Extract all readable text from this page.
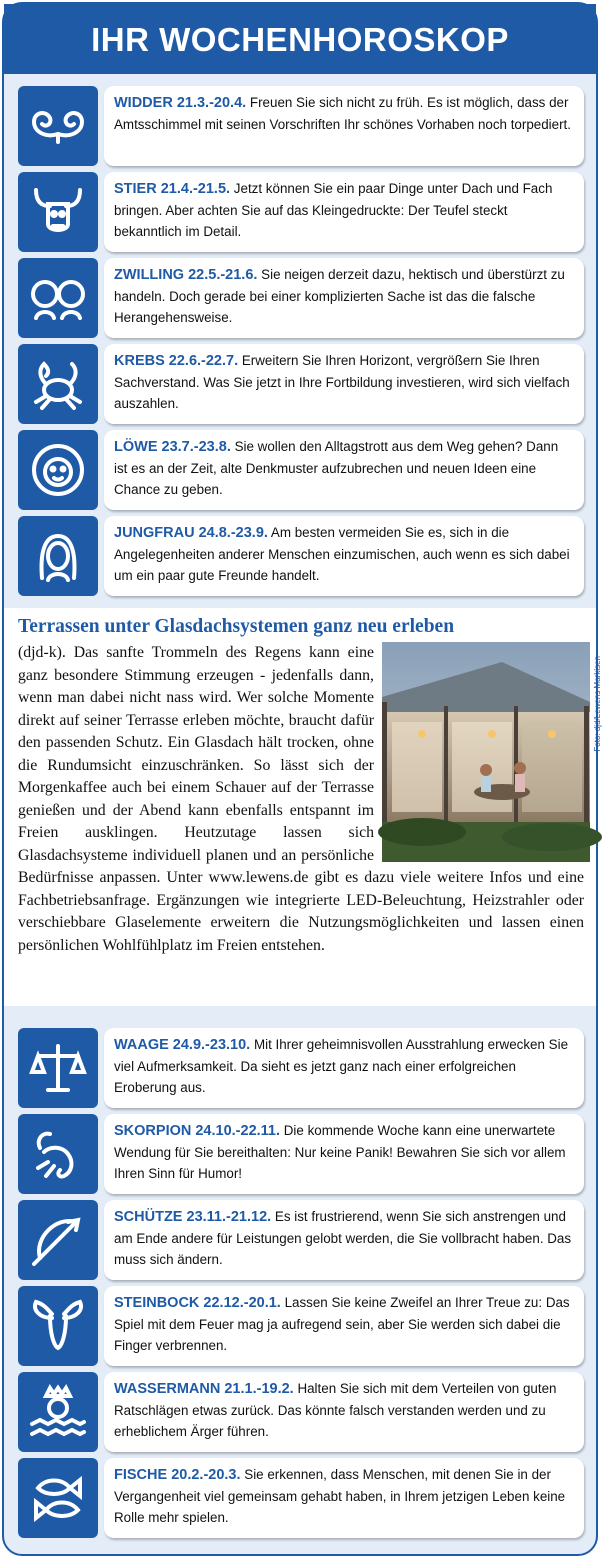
IHR WOCHENHOROSKOP
WIDDER 21.3.-20.4. Freuen Sie sich nicht zu früh. Es ist möglich, dass der Amtsschimmel mit seinen Vorschriften Ihr schönes Vorhaben noch torpediert.
STIER 21.4.-21.5. Jetzt können Sie ein paar Dinge unter Dach und Fach bringen. Aber achten Sie auf das Kleingedruckte: Der Teufel steckt bekanntlich im Detail.
ZWILLING 22.5.-21.6. Sie neigen derzeit dazu, hektisch und überstürzt zu handeln. Doch gerade bei einer komplizierten Sache ist das die falsche Herangehensweise.
KREBS 22.6.-22.7. Erweitern Sie Ihren Horizont, vergrößern Sie Ihren Sachverstand. Was Sie jetzt in Ihre Fortbildung investieren, wird sich vielfach auszahlen.
LÖWE 23.7.-23.8. Sie wollen den Alltagstrott aus dem Weg gehen? Dann ist es an der Zeit, alte Denkmuster aufzubrechen und neuen Ideen eine Chance zu geben.
JUNGFRAU 24.8.-23.9. Am besten vermeiden Sie es, sich in die Angelegenheiten anderer Menschen einzumischen, auch wenn es sich dabei um ein paar gute Freunde handelt.
Terrassen unter Glasdachsystemen ganz neu erleben
Foto: djd/Lewens Markisen

(djd-k). Das sanfte Trommeln des Regens kann eine ganz besondere Stimmung erzeugen - jedenfalls dann, wenn man dabei nicht nass wird. Wer solche Momente direkt auf seiner Terrasse erleben möchte, braucht dafür den passenden Schutz. Ein Glasdach hält trocken, ohne die Rundumsicht einzuschränken. So lässt sich der Morgenkaffee auch bei einem Schauer auf der Terrasse genießen und der Abend kann ebenfalls entspannt im Freien ausklingen. Heutzutage lassen sich Glasdachsysteme individuell planen und an persönliche Bedürfnisse anpassen. Unter www.lewens.de gibt es dazu viele weitere Infos und eine Fachbetriebsanfrage. Ergänzungen wie integrierte LED-Beleuchtung, Heizstrahler oder verschiebbare Glaselemente erweitern die Nutzungsmöglichkeiten und lassen einen persönlichen Wohlfühlplatz im Freien entstehen.

WAAGE 24.9.-23.10. Mit Ihrer geheimnisvollen Ausstrahlung erwecken Sie viel Aufmerksamkeit. Da sieht es jetzt ganz nach einer erfolgreichen Eroberung aus.
SKORPION 24.10.-22.11. Die kommende Woche kann eine unerwartete Wendung für Sie bereithalten: Nur keine Panik! Bewahren Sie sich vor allem Ihren Sinn für Humor!
SCHÜTZE 23.11.-21.12. Es ist frustrierend, wenn Sie sich anstrengen und am Ende andere für Leistungen gelobt werden, die Sie vollbracht haben. Das muss sich ändern.
STEINBOCK 22.12.-20.1. Lassen Sie keine Zweifel an Ihrer Treue zu: Das Spiel mit dem Feuer mag ja aufregend sein, aber Sie werden sich dabei die Finger verbrennen.
WASSERMANN 21.1.-19.2. Halten Sie sich mit dem Verteilen von guten Ratschlägen etwas zurück. Das könnte falsch verstanden werden und zu erheblichem Ärger führen.
FISCHE 20.2.-20.3. Sie erkennen, dass Menschen, mit denen Sie in der Vergangenheit viel gemeinsam gehabt haben, in Ihrem jetzigen Leben keine Rolle mehr spielen.
